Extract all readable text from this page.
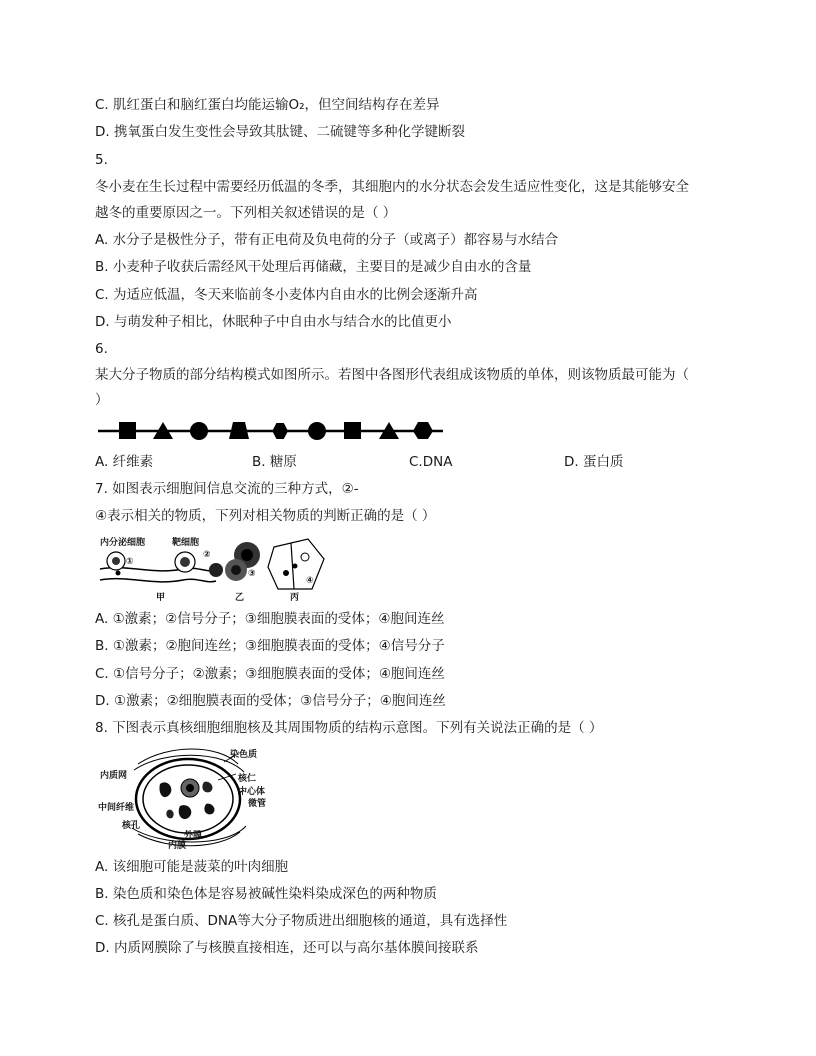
C. 肌红蛋白和脑红蛋白均能运输O₂，但空间结构存在差异
D. 携氧蛋白发生变性会导致其肽键、二硫键等多种化学键断裂
5.
冬小麦在生长过程中需要经历低温的冬季，其细胞内的水分状态会发生适应性变化，这是其能够安全
越冬的重要原因之一。下列相关叙述错误的是（ ）
A. 水分子是极性分子，带有正电荷及负电荷的分子（或离子）都容易与水结合
B. 小麦种子收获后需经风干处理后再储藏，主要目的是减少自由水的含量
C. 为适应低温，冬天来临前冬小麦体内自由水的比例会逐渐升高
D. 与萌发种子相比，休眠种子中自由水与结合水的比值更小
6.
某大分子物质的部分结构模式如图所示。若图中各图形代表组成该物质的单体，则该物质最可能为（
）
A. 纤维素	B. 糖原	C.DNA	D. 蛋白质
7. 如图表示细胞间信息交流的三种方式，②-
④表示相关的物质，下列对相关物质的判断正确的是（ ）
内分泌细胞	靶细胞
①
②
③
④
甲	乙	丙
A. ①激素；②信号分子；③细胞膜表面的受体；④胞间连丝
B. ①激素；②胞间连丝；③细胞膜表面的受体；④信号分子
C. ①信号分子；②激素；③细胞膜表面的受体；④胞间连丝
D. ①激素；②细胞膜表面的受体；③信号分子；④胞间连丝
8. 下图表示真核细胞细胞核及其周围物质的结构示意图。下列有关说法正确的是（ ）
染色质
核仁
中心体
微管
内质网
中间纤维
核孔
外膜
内膜
A. 该细胞可能是菠菜的叶肉细胞
B. 染色质和染色体是容易被碱性染料染成深色的两种物质
C. 核孔是蛋白质、DNA等大分子物质进出细胞核的通道，具有选择性
D. 内质网膜除了与核膜直接相连，还可以与高尔基体膜间接联系
